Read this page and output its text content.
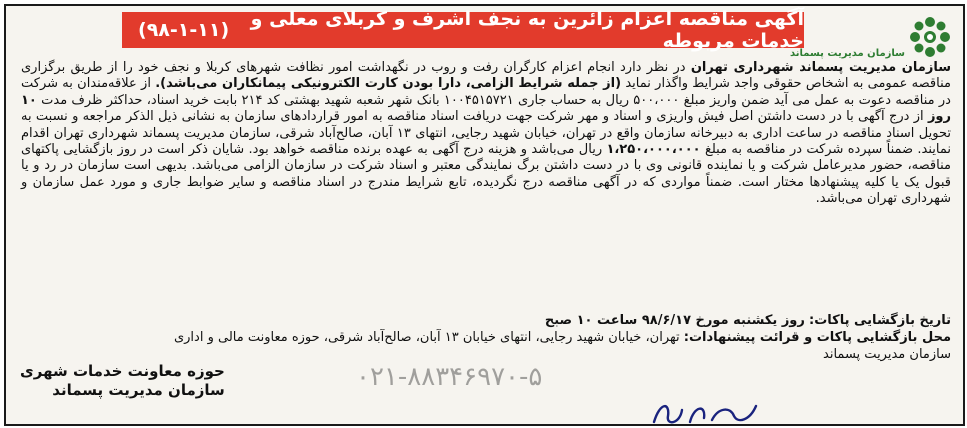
آگهی مناقصه اعزام زائرین به نجف اشرف و کربلای معلی و خدمات مربوطه
(۹۸-۱-۱۱)
سازمان مدیریت پسماند

سازمان مدیریت پسماند شهرداری تهران در نظر دارد انجام اعزام کارگران رفت و روب در نگهداشت امور نظافت شهرهای کربلا و نجف خود را از طریق برگزاری مناقصه عمومی به اشخاص حقوقی واجد شرایط واگذار نماید (از جمله شرایط الزامی، دارا بودن کارت الکترونیکی پیمانکاران می‌باشد). از علاقه‌مندان به شرکت در مناقصه دعوت به عمل می آید ضمن واریز مبلغ ۵۰۰،۰۰۰ ریال به حساب جاری ۱۰۰۴۵۱۵۷۲۱ بانک شهر شعبه شهید بهشتی کد ۲۱۴ بابت خرید اسناد، حداکثر ظرف مدت ۱۰ روز از درج آگهی با در دست داشتن اصل فیش واریزی و اسناد و مهر شرکت جهت دریافت اسناد مناقصه به امور قراردادهای سازمان به نشانی ذیل الذکر مراجعه و نسبت به تحویل اسناد مناقصه در ساعت اداری به دبیرخانه سازمان واقع در تهران، خیابان شهید رجایی، انتهای ۱۳ آبان، صالح‌آباد شرقی، سازمان مدیریت پسماند شهرداری تهران اقدام نمایند. ضمناً سپرده شرکت در مناقصه به مبلغ ۱،۲۵۰،۰۰۰،۰۰۰ ریال می‌باشد و هزینه درج آگهی به عهده برنده مناقصه خواهد بود. شایان ذکر است در روز بازگشایی پاکتهای مناقصه، حضور مدیرعامل شرکت و یا نماینده قانونی وی با در دست داشتن برگ نمایندگی معتبر و اسناد شرکت در سازمان الزامی می‌باشد. بدیهی است سازمان در رد و یا قبول یک یا کلیه پیشنهادها مختار است. ضمناً مواردی که در آگهی مناقصه درج نگردیده، تابع شرایط مندرج در اسناد مناقصه و سایر ضوابط جاری و مورد عمل سازمان و شهرداری تهران می‌باشد.

تاریخ بازگشایی پاکات: روز یکشنبه مورخ ۹۸/۶/۱۷ ساعت ۱۰ صبح
محل بازگشایی پاکات و قرائت پیشنهادات: تهران، خیابان شهید رجایی، انتهای خیابان ۱۳ آبان، صالح‌آباد شرقی، حوزه معاونت مالی و اداری
سازمان مدیریت پسماند
۰۲۱-۸۸۳۴۶۹۷۰-۵
حوزه معاونت خدمات شهری
سازمان مدیریت پسماند
